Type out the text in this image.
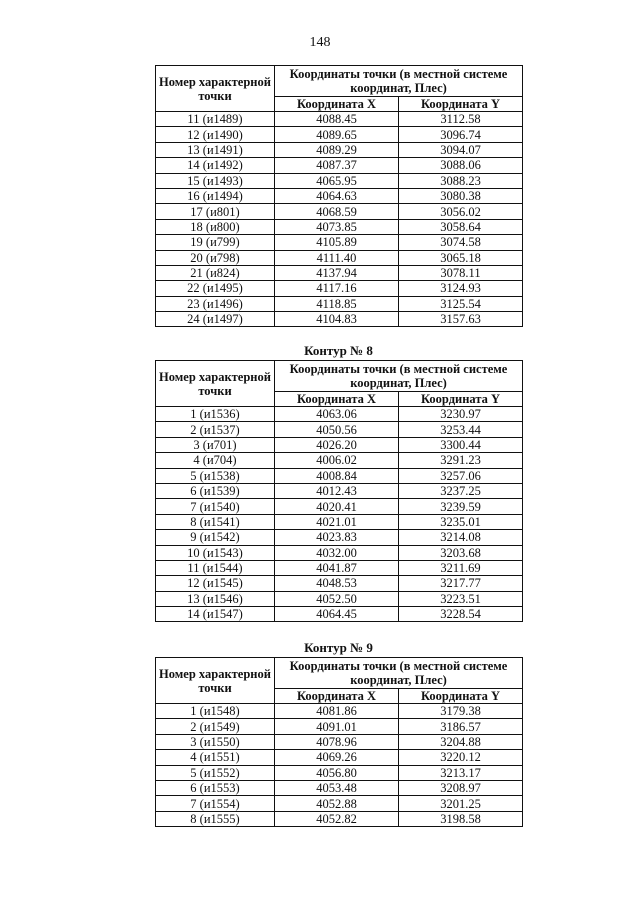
148
Номер характерной точки	Координаты точки (в местной системе координат, Плес)	
	Координата X	Координата Y
11 (и1489)	4088.45	3112.58
12 (и1490)	4089.65	3096.74
13 (и1491)	4089.29	3094.07
14 (и1492)	4087.37	3088.06
15 (и1493)	4065.95	3088.23
16 (и1494)	4064.63	3080.38
17 (и801)	4068.59	3056.02
18 (и800)	4073.85	3058.64
19 (и799)	4105.89	3074.58
20 (и798)	4111.40	3065.18
21 (и824)	4137.94	3078.11
22 (и1495)	4117.16	3124.93
23 (и1496)	4118.85	3125.54
24 (и1497)	4104.83	3157.63
Контур № 8
Номер характерной точки	Координаты точки (в местной системе координат, Плес)	
	Координата X	Координата Y
1 (и1536)	4063.06	3230.97
2 (и1537)	4050.56	3253.44
3 (и701)	4026.20	3300.44
4 (и704)	4006.02	3291.23
5 (и1538)	4008.84	3257.06
6 (и1539)	4012.43	3237.25
7 (и1540)	4020.41	3239.59
8 (и1541)	4021.01	3235.01
9 (и1542)	4023.83	3214.08
10 (и1543)	4032.00	3203.68
11 (и1544)	4041.87	3211.69
12 (и1545)	4048.53	3217.77
13 (и1546)	4052.50	3223.51
14 (и1547)	4064.45	3228.54
Контур № 9
Номер характерной точки	Координаты точки (в местной системе координат, Плес)	
	Координата X	Координата Y
1 (и1548)	4081.86	3179.38
2 (и1549)	4091.01	3186.57
3 (и1550)	4078.96	3204.88
4 (и1551)	4069.26	3220.12
5 (и1552)	4056.80	3213.17
6 (и1553)	4053.48	3208.97
7 (и1554)	4052.88	3201.25
8 (и1555)	4052.82	3198.58
